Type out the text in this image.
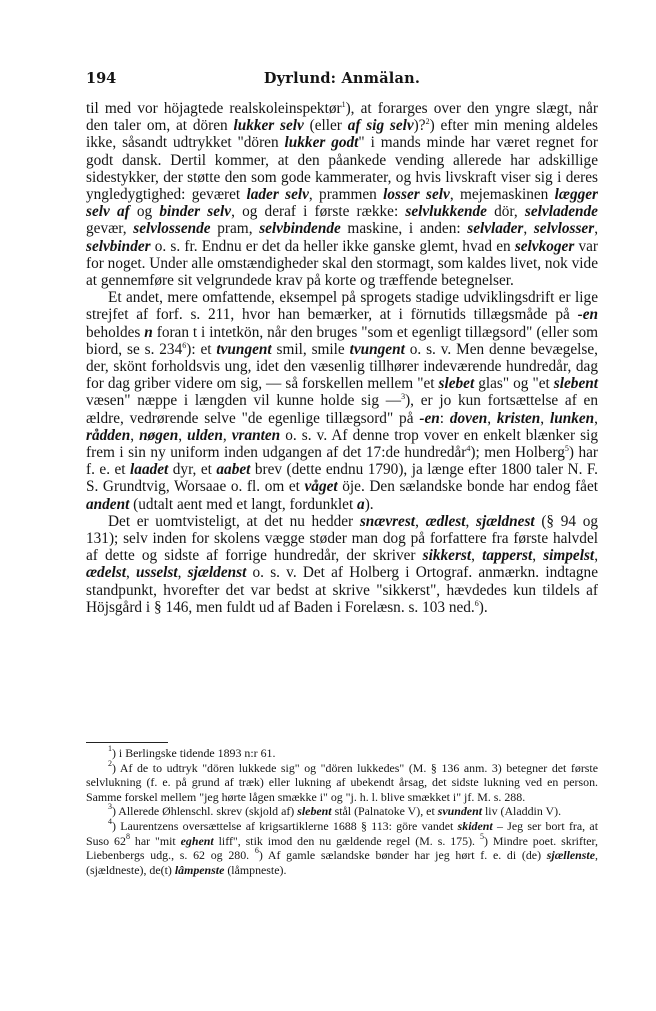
194	Dyrlund: Anmälan.

til med vor höjagtede realskoleinspektør$^1$), at forarges over den yngre slægt, når den taler om, at dören lukker selv (eller af sig selv)?$^2$) efter min mening aldeles ikke, såsandt udtrykket "dören lukker godt" i mands minde har været regnet for godt dansk. Dertil kommer, at den påankede vending allerede har adskillige sidestykker, der støtte den som gode kammerater, og hvis livskraft viser sig i deres yngledygtighed: geværet lader selv, prammen losser selv, mejemaskinen lægger selv af og binder selv, og deraf i første række: selvlukkende dör, selvladende gevær, selvlossende pram, selvbindende maskine, i anden: selvlader, selvlosser, selvbinder o. s. fr. Endnu er det da heller ikke ganske glemt, hvad en selvkoger var for noget. Under alle omstændigheder skal den stormagt, som kaldes livet, nok vide at gennemføre sit velgrundede krav på korte og træffende betegnelser.

Et andet, mere omfattende, eksempel på sprogets stadige udviklingsdrift er lige strejfet af forf. s. 211, hvor han bemærker, at i förnutids tillægsmåde på -en beholdes n foran t i intetkön, når den bruges "som et egenligt tillægsord" (eller som biord, se s. $234^6$): et tvungent smil, smile tvungent o. s. v. Men denne bevægelse, der, skönt forholdsvis ung, idet den væsenlig tillhører indeværende hundredår, dag for dag griber videre om sig, — så forskellen mellem "et slebet glas" og "et slebent væsen" næppe i længden vil kunne holde sig —$^3$), er jo kun fortsættelse af en ældre, vedrørende selve "de egenlige tillægsord" på -en: doven, kristen, lunken, rådden, nøgen, ulden, vranten o. s. v. Af denne trop vover en enkelt blænker sig frem i sin ny uniform inden udgangen af det 17:de hundredår$^4$); men Holberg$^5$) har f. e. et laadet dyr, et aabet brev (dette endnu 1790), ja længe efter 1800 taler N. F. S. Grundtvig, Worsaae o. fl. om et våget öje. Den sælandske bonde har endog fået andent (udtalt aent med et langt, fordunklet a).

Det er uomtvisteligt, at det nu hedder snævrest, ædlest, sjældnest (§ 94 og 131); selv inden for skolens vægge støder man dog på forfattere fra første halvdel af dette og sidste af forrige hundredår, der skriver sikkerst, tapperst, simpelst, ædelst, usselst, sjældenst o. s. v. Det af Holberg i Ortograf. anmærkn. indtagne standpunkt, hvorefter det var bedst at skrive "sikkerst", hævdedes kun tildels af Höjsgård i § 146, men fuldt ud af Baden i Forelæsn. s. 103 ned.$^6$).

$^1$) i Berlingske tidende 1893 n:r 61.

$^2$) Af de to udtryk "dören lukkede sig" og "dören lukkedes" (M. § 136 anm. 3) betegner det første selvlukning (f. e. på grund af træk) eller lukning af ubekendt årsag, det sidste lukning ved en person. Samme forskel mellem "jeg hørte lågen smække i" og "j. h. l. blive smækket i" jf. M. s. 288.

$^3$) Allerede Øhlenschl. skrev (skjold af) slebent stål (Palnatoke V), et svundent liv (Aladdin V).

$^4$) Laurentzens oversættelse af krigsartiklerne 1688 § 113: göre vandet skident – Jeg ser bort fra, at Suso $62^8$ har "mit eghent liff", stik imod den nu gældende regel (M. s. 175). $^5$) Mindre poet. skrifter, Liebenbergs udg., s. 62 og 280. $^6$) Af gamle sælandske bønder har jeg hørt f. e. di (de) sjællenste, (sjældneste), de(t) lâmpenste (låmpneste).
